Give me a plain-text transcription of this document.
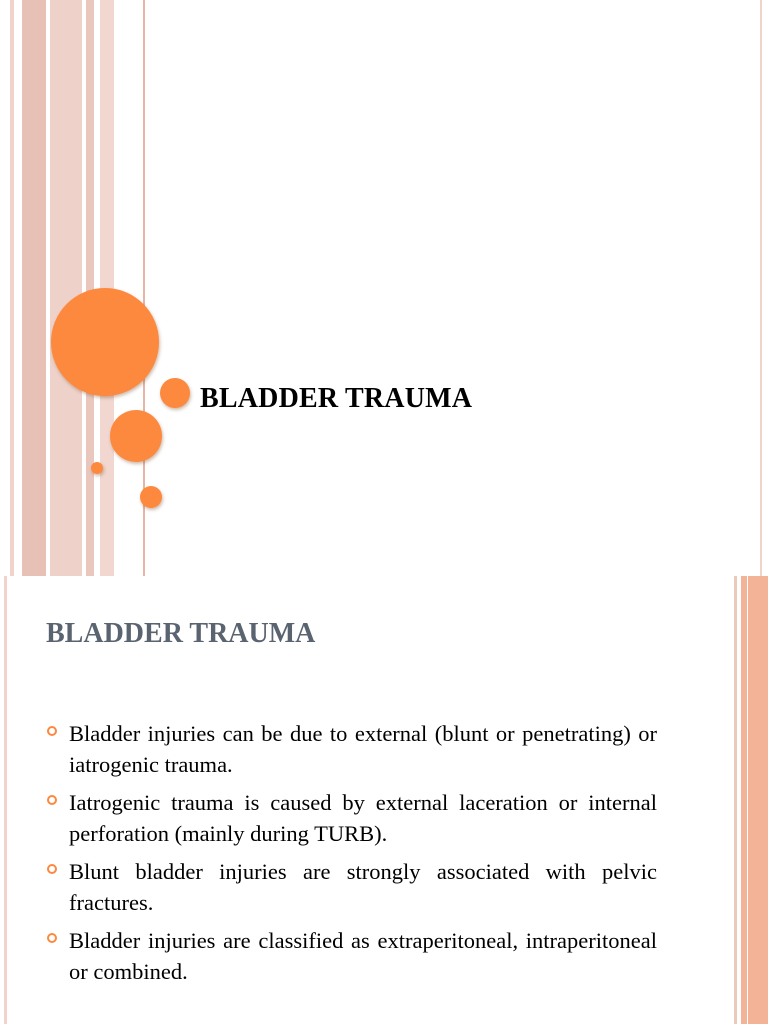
BLADDER TRAUMA
BLADDER TRAUMA
Bladder injuries can be due to external (blunt or penetrating) or iatrogenic trauma.
Iatrogenic trauma is caused by external laceration or internal perforation (mainly during TURB).
Blunt bladder injuries are strongly associated with pelvic fractures.
Bladder injuries are classified as extraperitoneal, intraperitoneal or combined.
